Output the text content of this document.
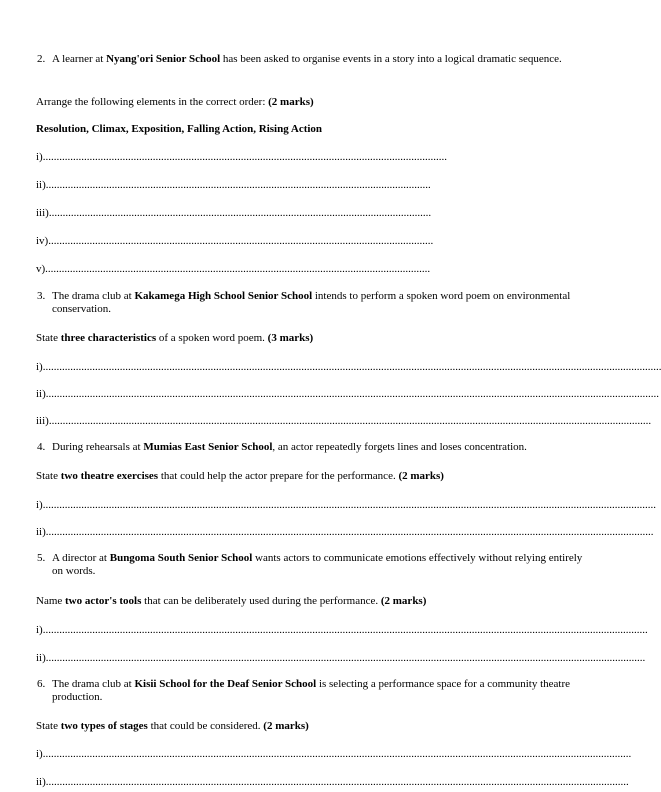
2. A learner at Nyang'ori Senior School has been asked to organise events in a story into a logical dramatic sequence.
Arrange the following elements in the correct order: (2 marks)
Resolution, Climax, Exposition, Falling Action, Rising Action
i)...................................................................................................................................................
ii)............................................................................................................................................
iii)...........................................................................................................................................
iv)............................................................................................................................................
v)............................................................................................................................................
3. The drama club at Kakamega High School Senior School intends to perform a spoken word poem on environmental conservation.
State three characteristics of a spoken word poem. (3 marks)
i).................................................................................................................................................................................................................................
ii)...............................................................................................................................................................................................................................
iii)...........................................................................................................................................................................................................................
4. During rehearsals at Mumias East Senior School, an actor repeatedly forgets lines and loses concentration.
State two theatre exercises that could help the actor prepare for the performance. (2 marks)
i)...............................................................................................................................................................................................................................
ii).............................................................................................................................................................................................................................
5. A director at Bungoma South Senior School wants actors to communicate emotions effectively without relying entirely on words.
Name two actor's tools that can be deliberately used during the performance. (2 marks)
i)............................................................................................................................................................................................................................
ii)..........................................................................................................................................................................................................................
6. The drama club at Kisii School for the Deaf Senior School is selecting a performance space for a community theatre production.
State two types of stages that could be considered. (2 marks)
i)......................................................................................................................................................................................................................
ii)....................................................................................................................................................................................................................
